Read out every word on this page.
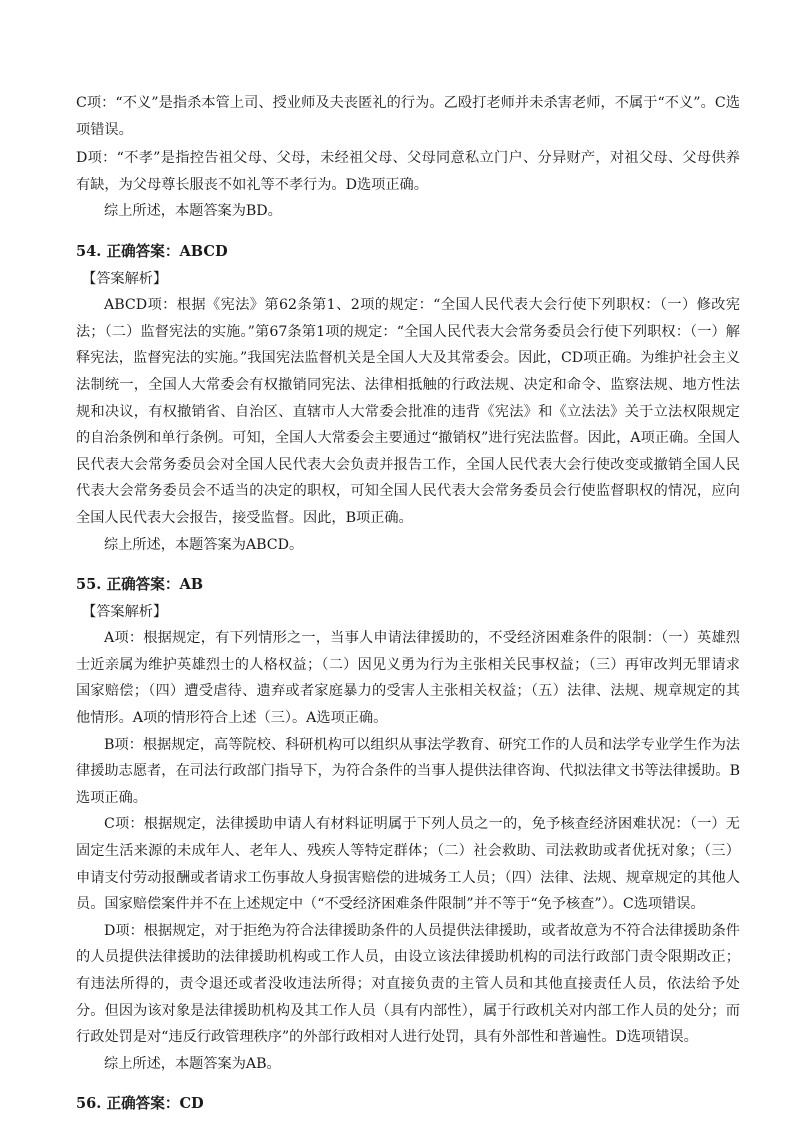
C项：“不义”是指杀本管上司、授业师及夫丧匿礼的行为。乙殴打老师并未杀害老师，不属于“不义”。C选项错误。

D项：“不孝”是指控告祖父母、父母，未经祖父母、父母同意私立门户、分异财产，对祖父母、父母供养有缺，为父母尊长服丧不如礼等不孝行为。D选项正确。

综上所述，本题答案为BD。

54. 正确答案：ABCD

【答案解析】

ABCD项：根据《宪法》第62条第1、2项的规定：“全国人民代表大会行使下列职权：（一）修改宪法；（二）监督宪法的实施。”第67条第1项的规定：“全国人民代表大会常务委员会行使下列职权：（一）解释宪法，监督宪法的实施。”我国宪法监督机关是全国人大及其常委会。因此，CD项正确。为维护社会主义法制统一，全国人大常委会有权撤销同宪法、法律相抵触的行政法规、决定和命令、监察法规、地方性法规和决议，有权撤销省、自治区、直辖市人大常委会批准的违背《宪法》和《立法法》关于立法权限规定的自治条例和单行条例。可知，全国人大常委会主要通过“撤销权”进行宪法监督。因此，A项正确。全国人民代表大会常务委员会对全国人民代表大会负责并报告工作，全国人民代表大会行使改变或撤销全国人民代表大会常务委员会不适当的决定的职权，可知全国人民代表大会常务委员会行使监督职权的情况，应向全国人民代表大会报告，接受监督。因此，B项正确。

综上所述，本题答案为ABCD。

55. 正确答案：AB

【答案解析】

A项：根据规定，有下列情形之一，当事人申请法律援助的，不受经济困难条件的限制：（一）英雄烈士近亲属为维护英雄烈士的人格权益；（二）因见义勇为行为主张相关民事权益；（三）再审改判无罪请求国家赔偿；（四）遭受虐待、遗弃或者家庭暴力的受害人主张相关权益；（五）法律、法规、规章规定的其他情形。A项的情形符合上述（三）。A选项正确。

B项：根据规定，高等院校、科研机构可以组织从事法学教育、研究工作的人员和法学专业学生作为法律援助志愿者，在司法行政部门指导下，为符合条件的当事人提供法律咨询、代拟法律文书等法律援助。B选项正确。

C项：根据规定，法律援助申请人有材料证明属于下列人员之一的，免予核查经济困难状况：（一）无固定生活来源的未成年人、老年人、残疾人等特定群体；（二）社会救助、司法救助或者优抚对象；（三）申请支付劳动报酬或者请求工伤事故人身损害赔偿的进城务工人员；（四）法律、法规、规章规定的其他人员。国家赔偿案件并不在上述规定中（“不受经济困难条件限制”并不等于“免予核查”）。C选项错误。

D项：根据规定，对于拒绝为符合法律援助条件的人员提供法律援助，或者故意为不符合法律援助条件的人员提供法律援助的法律援助机构或工作人员，由设立该法律援助机构的司法行政部门责令限期改正；有违法所得的，责令退还或者没收违法所得；对直接负责的主管人员和其他直接责任人员，依法给予处分。但因为该对象是法律援助机构及其工作人员（具有内部性），属于行政机关对内部工作人员的处分；而行政处罚是对“违反行政管理秩序”的外部行政相对人进行处罚，具有外部性和普遍性。D选项错误。

综上所述，本题答案为AB。

56. 正确答案：CD
